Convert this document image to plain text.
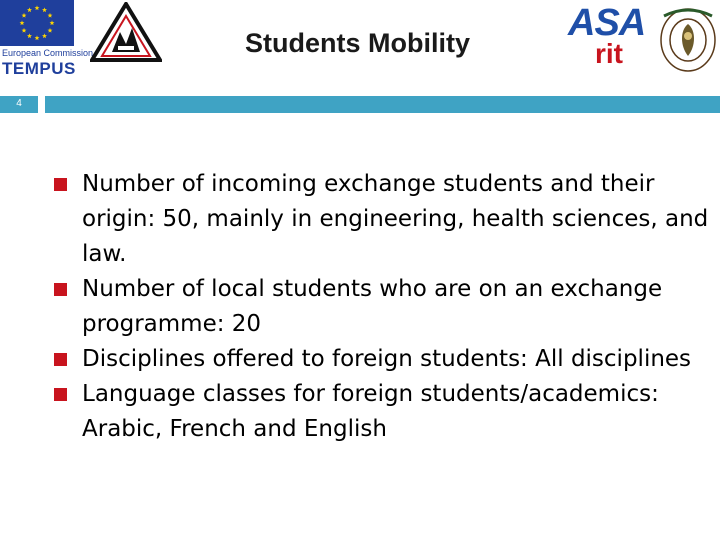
European Commission
TEMPUS
Students Mobility	ASA
rit
4
Number of incoming exchange students and their origin: 50, mainly in engineering, health sciences, and law.
Number of local students who are on an exchange programme: 20
Disciplines offered to foreign students: All disciplines
Language classes for foreign students/academics: Arabic, French and English
